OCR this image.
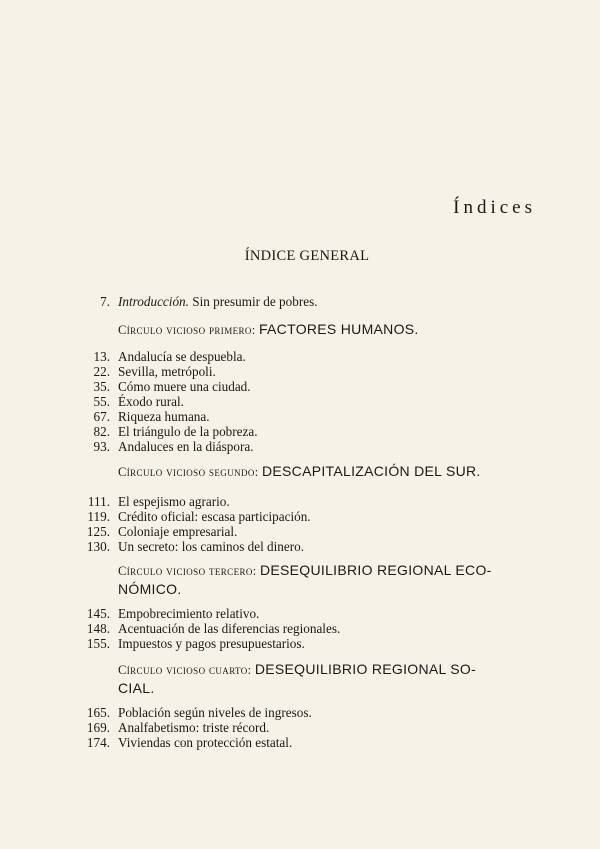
Índices
ÍNDICE GENERAL
7. Introducción. Sin presumir de pobres.
Círculo vicioso primero: FACTORES HUMANOS.
13. Andalucía se despuebla.
22. Sevilla, metrópoli.
35. Cómo muere una ciudad.
55. Éxodo rural.
67. Riqueza humana.
82. El triángulo de la pobreza.
93. Andaluces en la diáspora.
Círculo vicioso segundo: DESCAPITALIZACIÓN DEL SUR.
111. El espejismo agrario.
119. Crédito oficial: escasa participación.
125. Coloniaje empresarial.
130. Un secreto: los caminos del dinero.
Círculo vicioso tercero: DESEQUILIBRIO REGIONAL ECO-
NÓMICO.
145. Empobrecimiento relativo.
148. Acentuación de las diferencias regionales.
155. Impuestos y pagos presupuestarios.
Círculo vicioso cuarto: DESEQUILIBRIO REGIONAL SO-
CIAL.
165. Población según niveles de ingresos.
169. Analfabetismo: triste récord.
174. Viviendas con protección estatal.
